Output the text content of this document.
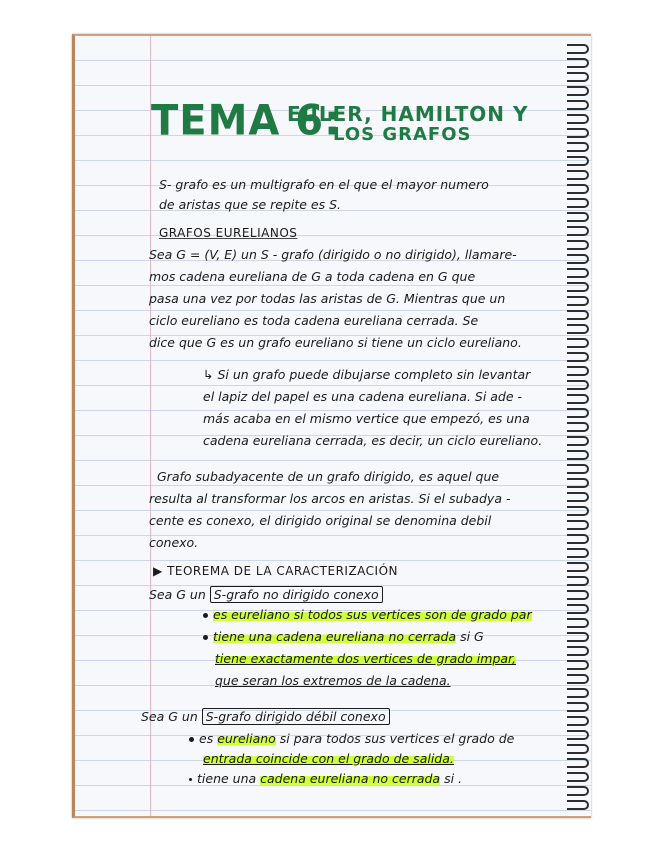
TEMA 6:
EULER, HAMILTON Y
LOS GRAFOS
S- grafo es un multigrafo en el que el mayor numero
de aristas que se repite es S.
GRAFOS EURELIANOS
Sea G = (V, E) un S - grafo (dirigido o no dirigido), llamare-
mos cadena eureliana de G a toda cadena en G que
pasa una vez por todas las aristas de G. Mientras que un
ciclo eureliano es toda cadena eureliana cerrada. Se
dice que G es un grafo eureliano si tiene un ciclo eureliano.
↳ Si un grafo puede dibujarse completo sin levantar
el lapiz del papel es una cadena eureliana. Si ade -
más acaba en el mismo vertice que empezó, es una
cadena eureliana cerrada, es decir, un ciclo eureliano.
Grafo subadyacente de un grafo dirigido, es aquel que
resulta al transformar los arcos en aristas. Si el subadya -
cente es conexo, el dirigido original se denomina debil
conexo.
▶ TEOREMA DE LA CARACTERIZACIÓN
Sea G un S-grafo no dirigido conexo
es eureliano si todos sus vertices son de grado par
tiene una cadena eureliana no cerrada si G
tiene exactamente dos vertices de grado impar,
que seran los extremos de la cadena.
Sea G un S-grafo dirigido débil conexo
es eureliano si para todos sus vertices el grado de
entrada coincide con el grado de salida.
tiene una cadena eureliana no cerrada si .
